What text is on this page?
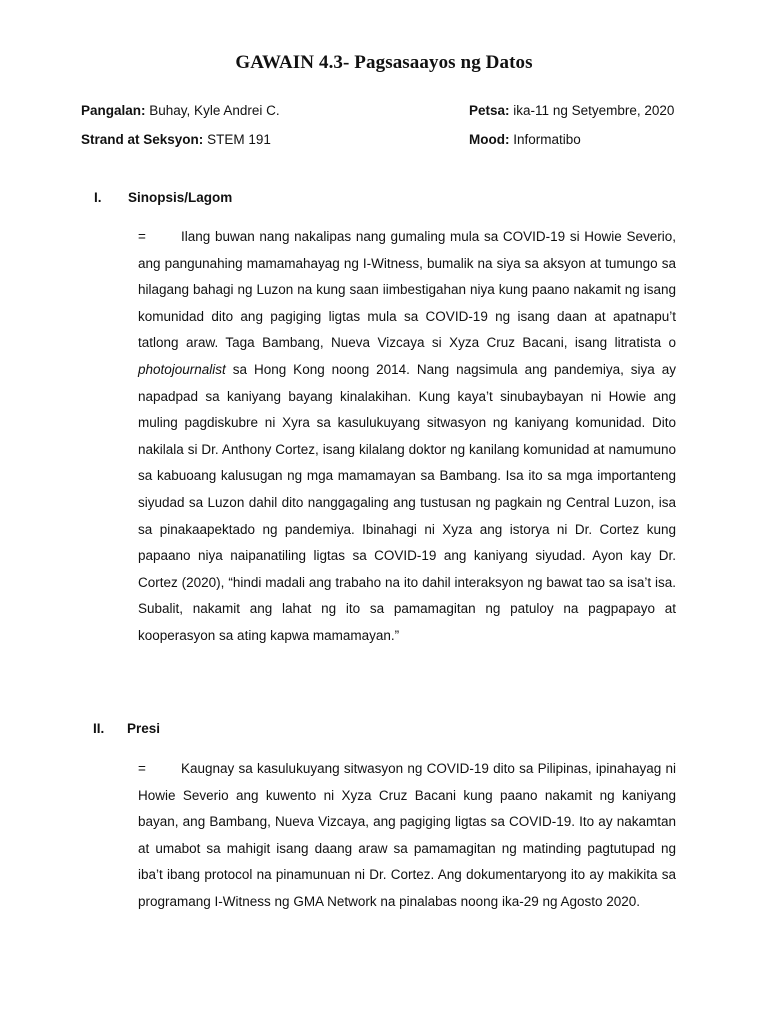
GAWAIN 4.3- Pagsasaayos ng Datos
Pangalan: Buhay, Kyle Andrei C.	Petsa: ika-11 ng Setyembre, 2020
Strand at Seksyon: STEM 191	Mood: Informatibo
I. Sinopsis/Lagom

=	Ilang buwan nang nakalipas nang gumaling mula sa COVID-19 si Howie Severio, ang pangunahing mamamahayag ng I-Witness, bumalik na siya sa aksyon at tumungo sa hilagang bahagi ng Luzon na kung saan iimbestigahan niya kung paano nakamit ng isang komunidad dito ang pagiging ligtas mula sa COVID-19 ng isang daan at apatnapu’t tatlong araw. Taga Bambang, Nueva Vizcaya si Xyza Cruz Bacani, isang litratista o photojournalist sa Hong Kong noong 2014. Nang nagsimula ang pandemiya, siya ay napadpad sa kaniyang bayang kinalakihan. Kung kaya’t sinubaybayan ni Howie ang muling pagdiskubre ni Xyra sa kasulukuyang sitwasyon ng kaniyang komunidad. Dito nakilala si Dr. Anthony Cortez, isang kilalang doktor ng kanilang komunidad at namumuno sa kabuoang kalusugan ng mga mamamayan sa Bambang. Isa ito sa mga importanteng siyudad sa Luzon dahil dito nanggagaling ang tustusan ng pagkain ng Central Luzon, isa sa pinakaapektado ng pandemiya. Ibinahagi ni Xyza ang istorya ni Dr. Cortez kung papaano niya naipanatiling ligtas sa COVID-19 ang kaniyang siyudad. Ayon kay Dr. Cortez (2020), “hindi madali ang trabaho na ito dahil interaksyon ng bawat tao sa isa’t isa. Subalit, nakamit ang lahat ng ito sa pamamagitan ng patuloy na pagpapayo at kooperasyon sa ating kapwa mamamayan.”

II. Presi

=	Kaugnay sa kasulukuyang sitwasyon ng COVID-19 dito sa Pilipinas, ipinahayag ni Howie Severio ang kuwento ni Xyza Cruz Bacani kung paano nakamit ng kaniyang bayan, ang Bambang, Nueva Vizcaya, ang pagiging ligtas sa COVID-19. Ito ay nakamtan at umabot sa mahigit isang daang araw sa pamamagitan ng matinding pagtutupad ng iba’t ibang protocol na pinamunuan ni Dr. Cortez. Ang dokumentaryong ito ay makikita sa programang I-Witness ng GMA Network na pinalabas noong ika-29 ng Agosto 2020.
